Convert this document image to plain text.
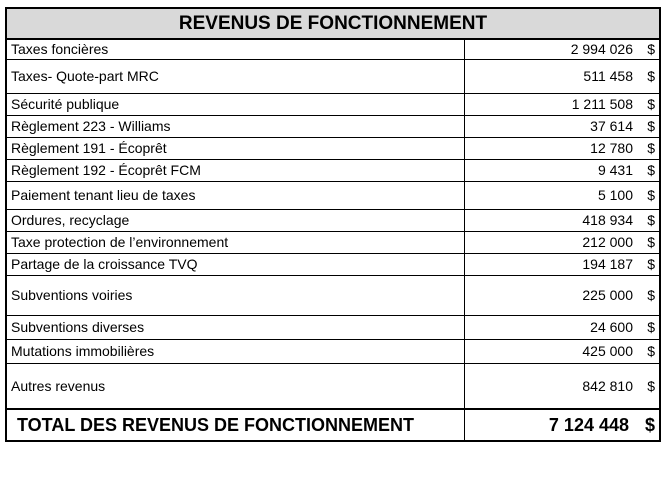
REVENUS DE FONCTIONNEMENT	
Taxes foncières	2 994 026 $
Taxes- Quote-part MRC	511 458 $
Sécurité publique	1 211 508 $
Règlement 223 - Williams	37 614 $
Règlement 191 - Écoprêt	12 780 $
Règlement 192 - Écoprêt FCM	9 431 $
Paiement tenant lieu de taxes	5 100 $
Ordures, recyclage	418 934 $
Taxe protection de l’environnement	212 000 $
Partage de la croissance TVQ	194 187 $
Subventions voiries	225 000 $
Subventions diverses	24 600 $
Mutations immobilières	425 000 $
Autres revenus	842 810 $
TOTAL DES REVENUS DE FONCTIONNEMENT	7 124 448 $
